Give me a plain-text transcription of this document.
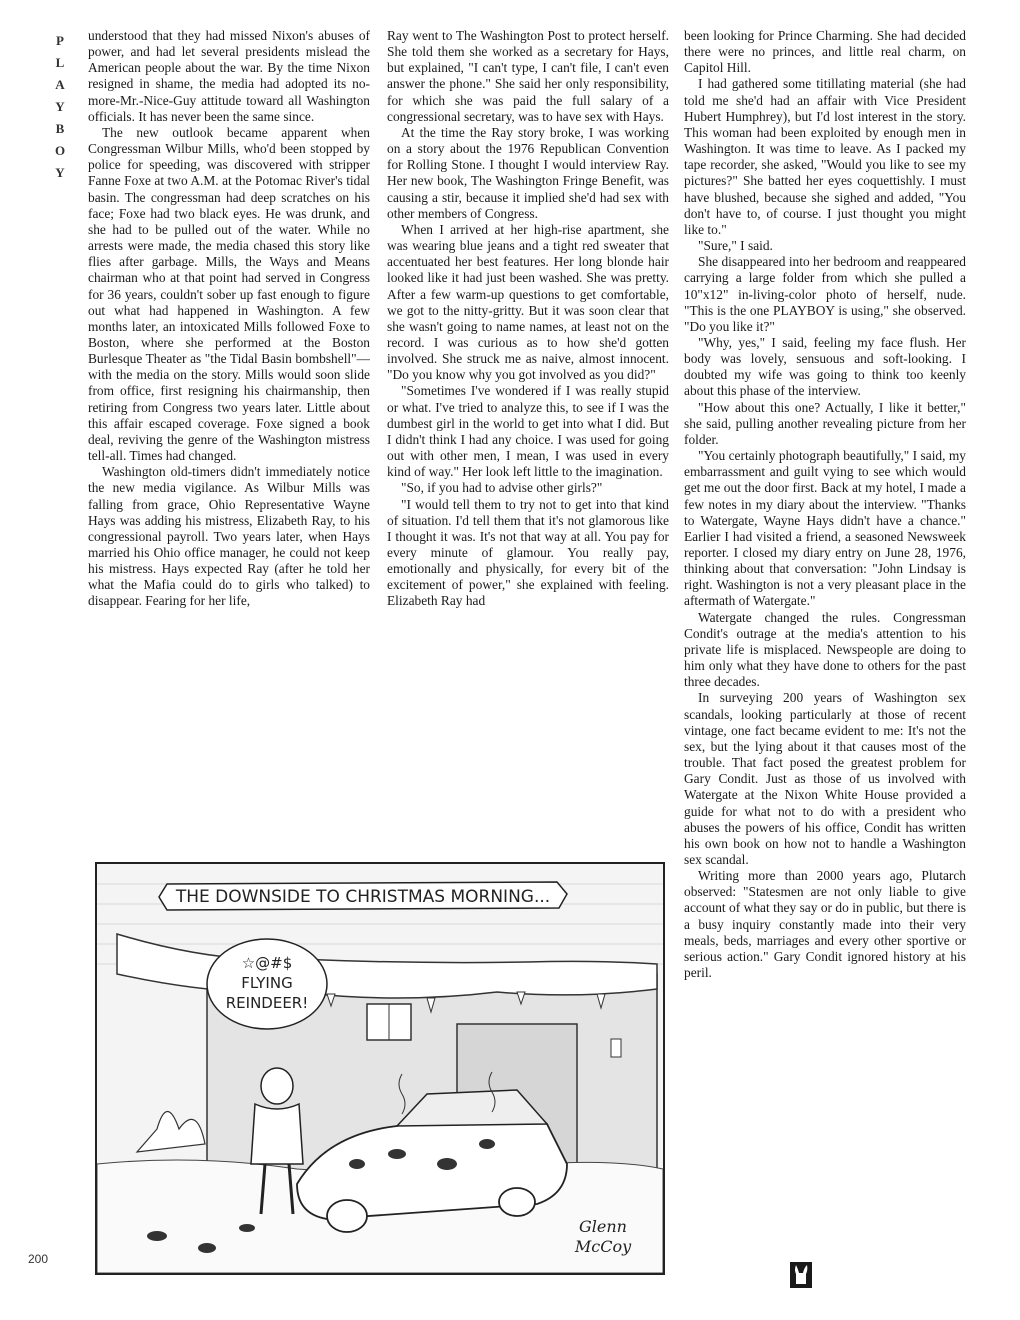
P
L
A
Y
B
O
Y

understood that they had missed Nixon's abuses of power, and had let several presidents mislead the American people about the war. By the time Nixon resigned in shame, the media had adopted its no-more-Mr.-Nice-Guy attitude toward all Washington officials. It has never been the same since.

The new outlook became apparent when Congressman Wilbur Mills, who'd been stopped by police for speeding, was discovered with stripper Fanne Foxe at two A.M. at the Potomac River's tidal basin. The congressman had deep scratches on his face; Foxe had two black eyes. He was drunk, and she had to be pulled out of the water. While no arrests were made, the media chased this story like flies after garbage. Mills, the Ways and Means chairman who at that point had served in Congress for 36 years, couldn't sober up fast enough to figure out what had happened in Washington. A few months later, an intoxicated Mills followed Foxe to Boston, where she performed at the Boston Burlesque Theater as "the Tidal Basin bombshell"—with the media on the story. Mills would soon slide from office, first resigning his chairmanship, then retiring from Congress two years later. Little about this affair escaped coverage. Foxe signed a book deal, reviving the genre of the Washington mistress tell-all. Times had changed.

Washington old-timers didn't immediately notice the new media vigilance. As Wilbur Mills was falling from grace, Ohio Representative Wayne Hays was adding his mistress, Elizabeth Ray, to his congressional payroll. Two years later, when Hays married his Ohio office manager, he could not keep his mistress. Hays expected Ray (after he told her what the Mafia could do to girls who talked) to disappear. Fearing for her life,

Ray went to The Washington Post to protect herself. She told them she worked as a secretary for Hays, but explained, "I can't type, I can't file, I can't even answer the phone." She said her only responsibility, for which she was paid the full salary of a congressional secretary, was to have sex with Hays.

At the time the Ray story broke, I was working on a story about the 1976 Republican Convention for Rolling Stone. I thought I would interview Ray. Her new book, The Washington Fringe Benefit, was causing a stir, because it implied she'd had sex with other members of Congress.

When I arrived at her high-rise apartment, she was wearing blue jeans and a tight red sweater that accentuated her best features. Her long blonde hair looked like it had just been washed. She was pretty. After a few warm-up questions to get comfortable, we got to the nitty-gritty. But it was soon clear that she wasn't going to name names, at least not on the record. I was curious as to how she'd gotten involved. She struck me as naive, almost innocent. "Do you know why you got involved as you did?"

"Sometimes I've wondered if I was really stupid or what. I've tried to analyze this, to see if I was the dumbest girl in the world to get into what I did. But I didn't think I had any choice. I was used for going out with other men, I mean, I was used in every kind of way." Her look left little to the imagination.

"So, if you had to advise other girls?"

"I would tell them to try not to get into that kind of situation. I'd tell them that it's not glamorous like I thought it was. It's not that way at all. You pay for every minute of glamour. You really pay, emotionally and physically, for every bit of the excitement of power," she explained with feeling. Elizabeth Ray had

been looking for Prince Charming. She had decided there were no princes, and little real charm, on Capitol Hill.

I had gathered some titillating material (she had told me she'd had an affair with Vice President Hubert Humphrey), but I'd lost interest in the story. This woman had been exploited by enough men in Washington. It was time to leave. As I packed my tape recorder, she asked, "Would you like to see my pictures?" She batted her eyes coquettishly. I must have blushed, because she sighed and added, "You don't have to, of course. I just thought you might like to."

"Sure," I said.

She disappeared into her bedroom and reappeared carrying a large folder from which she pulled a 10"x12" in-living-color photo of herself, nude. "This is the one PLAYBOY is using," she observed. "Do you like it?"

"Why, yes," I said, feeling my face flush. Her body was lovely, sensuous and soft-looking. I doubted my wife was going to think too keenly about this phase of the interview.

"How about this one? Actually, I like it better," she said, pulling another revealing picture from her folder.

"You certainly photograph beautifully," I said, my embarrassment and guilt vying to see which would get me out the door first. Back at my hotel, I made a few notes in my diary about the interview. "Thanks to Watergate, Wayne Hays didn't have a chance." Earlier I had visited a friend, a seasoned Newsweek reporter. I closed my diary entry on June 28, 1976, thinking about that conversation: "John Lindsay is right. Washington is not a very pleasant place in the aftermath of Watergate."

Watergate changed the rules. Congressman Condit's outrage at the media's attention to his private life is misplaced. Newspeople are doing to him only what they have done to others for the past three decades.

In surveying 200 years of Washington sex scandals, looking particularly at those of recent vintage, one fact became evident to me: It's not the sex, but the lying about it that causes most of the trouble. That fact posed the greatest problem for Gary Condit. Just as those of us involved with Watergate at the Nixon White House provided a guide for what not to do with a president who abuses the powers of his office, Condit has written his own book on how not to handle a Washington sex scandal.

Writing more than 2000 years ago, Plutarch observed: "Statesmen are not only liable to give account of what they say or do in public, but there is a busy inquiry constantly made into their very meals, beds, marriages and every other sportive or serious action." Gary Condit ignored history at his peril.

THE DOWNSIDE TO CHRISTMAS MORNING...
☆@#$
FLYING
REINDEER!
Glenn
McCoy
200
